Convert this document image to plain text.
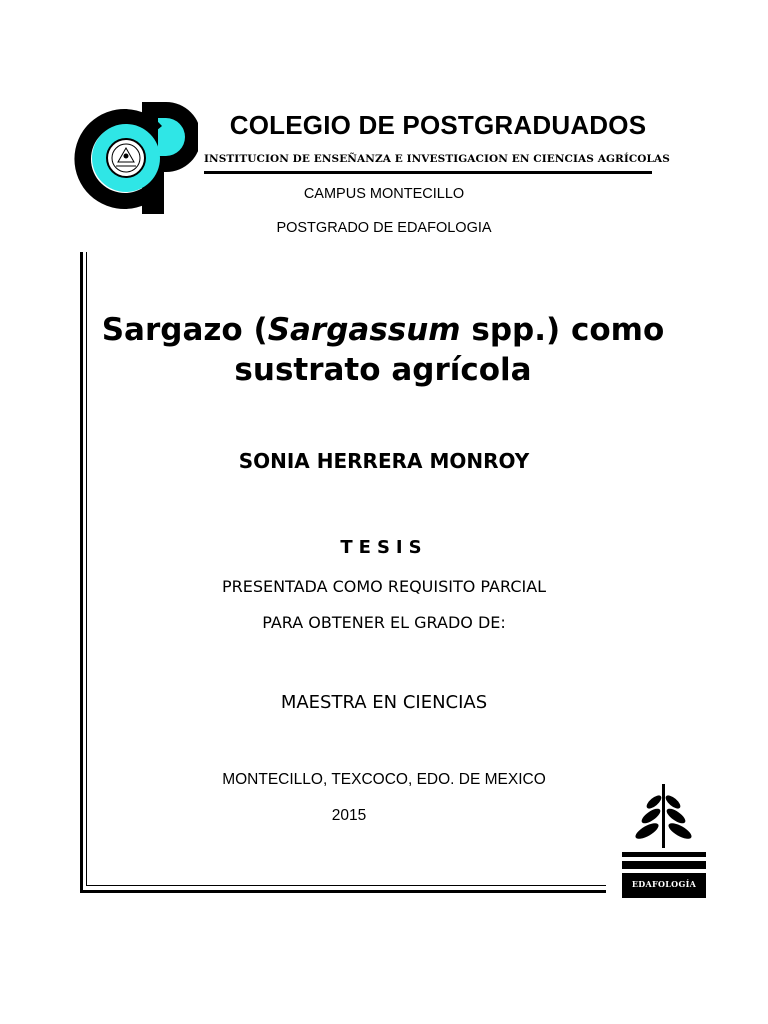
COLEGIO DE POSTGRADUADOS
INSTITUCION DE ENSEÑANZA E INVESTIGACION EN CIENCIAS AGRÍCOLAS
CAMPUS MONTECILLO
POSTGRADO DE EDAFOLOGIA
Sargazo (Sargassum spp.) como
sustrato agrícola
SONIA HERRERA MONROY
TESIS
PRESENTADA COMO REQUISITO PARCIAL
PARA OBTENER EL GRADO DE:
MAESTRA EN CIENCIAS
MONTECILLO, TEXCOCO, EDO. DE MEXICO
2015
EDAFOLOGÍA
